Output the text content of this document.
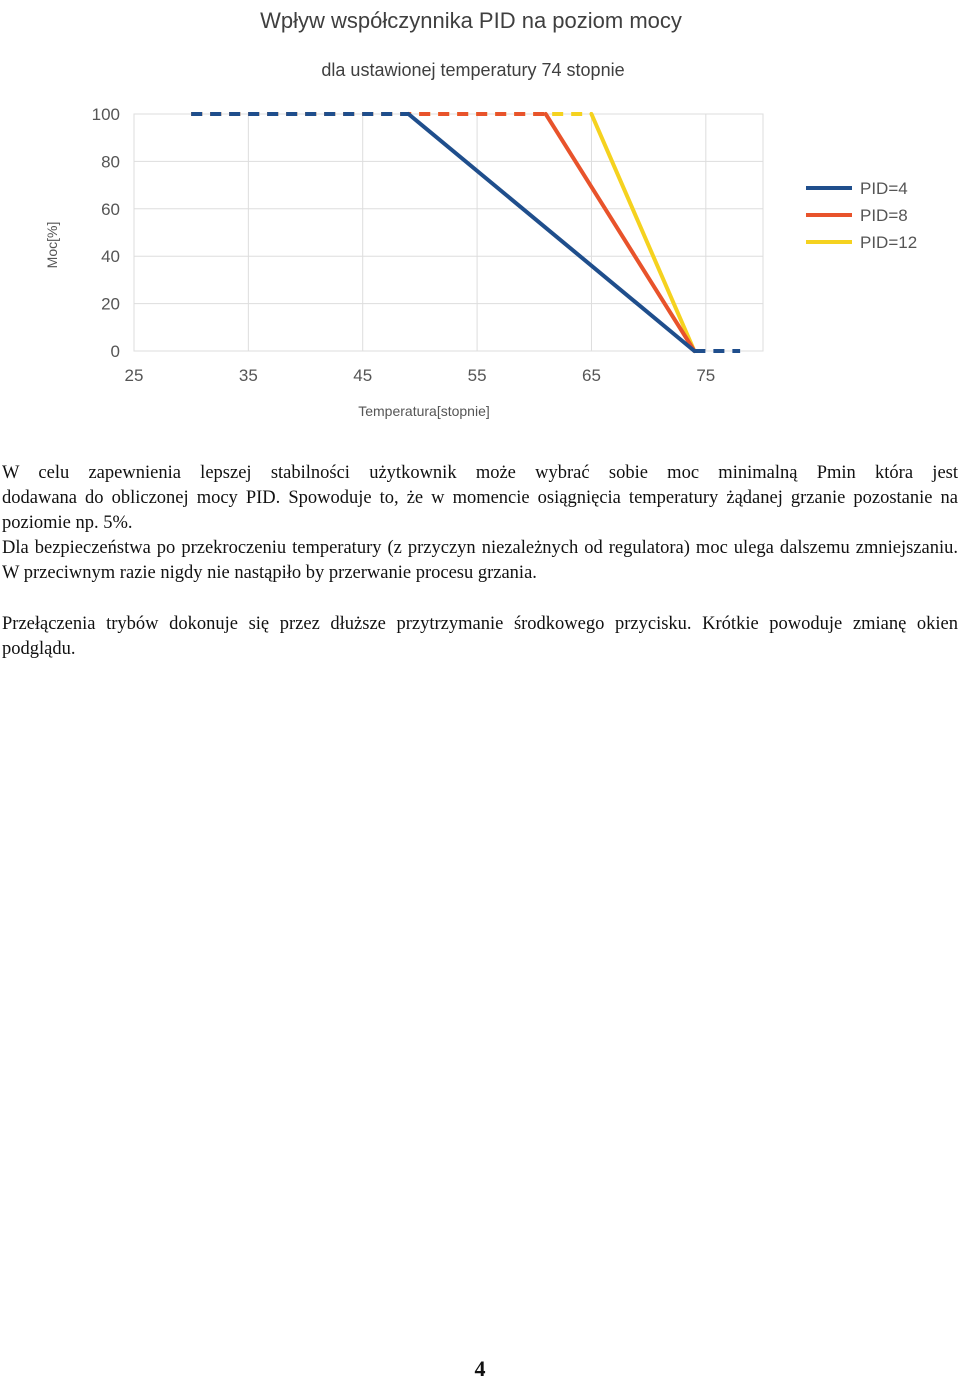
Wpływ współczynnika PID na poziom mocy
dla ustawionej temperatury 74 stopnie
0
20
40
60
80
100
25	35	45	55	65	75
PID=4
PID=8
PID=12
Temperatura[stopnie]
Moc[%]

W celu zapewnienia lepszej stabilności użytkownik może wybrać sobie moc minimalną Pmin która jest

dodawana do obliczonej mocy PID. Spowoduje to, że w momencie osiągnięcia temperatury żądanej grzanie pozostanie na poziomie np. 5%.

Dla bezpieczeństwa po przekroczeniu temperatury (z przyczyn niezależnych od regulatora) moc ulega dalszemu zmniejszaniu. W przeciwnym razie nigdy nie nastąpiło by przerwanie procesu grzania.

Przełączenia trybów dokonuje się przez dłuższe przytrzymanie środkowego przycisku. Krótkie powoduje zmianę okien podglądu.

4
